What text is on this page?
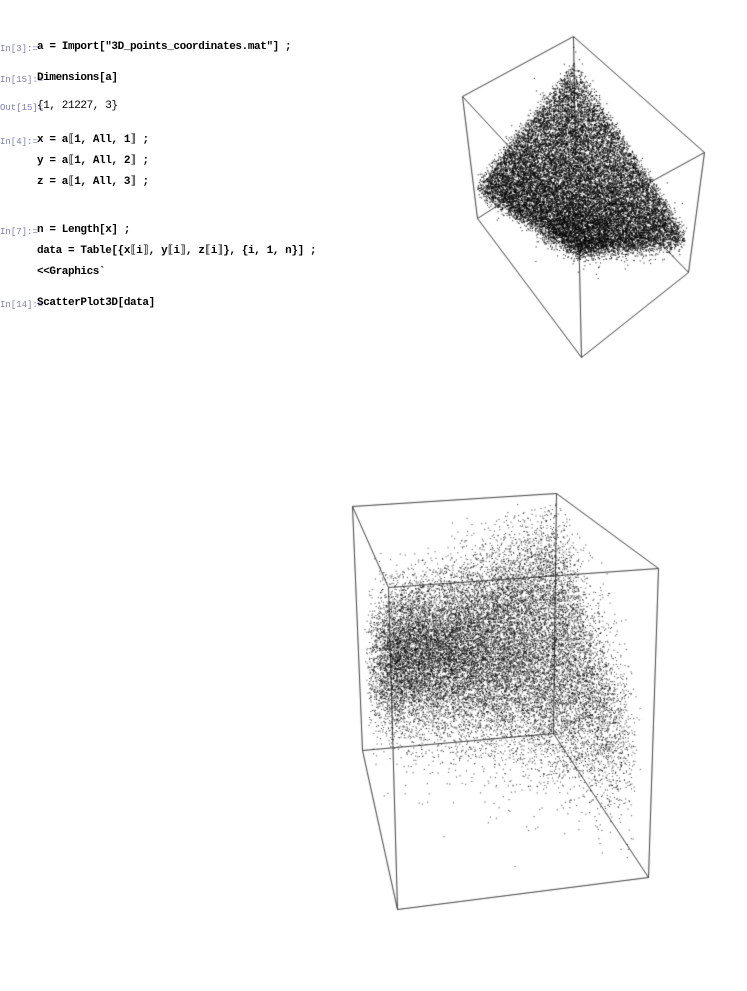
In[3]:= a = Import["3D_points_coordinates.mat"] ;
In[15]:=
Dimensions[a]
Out[15]=
{1, 21227, 3}
In[4]:= x = a⟦1, All, 1⟧ ;
y = a⟦1, All, 2⟧ ;
z = a⟦1, All, 3⟧ ;
In[7]:= n = Length[x] ;
data = Table[{x⟦i⟧, y⟦i⟧, z⟦i⟧}, {i, 1, n}] ;
<<Graphics`
In[14]:=
ScatterPlot3D[data]
